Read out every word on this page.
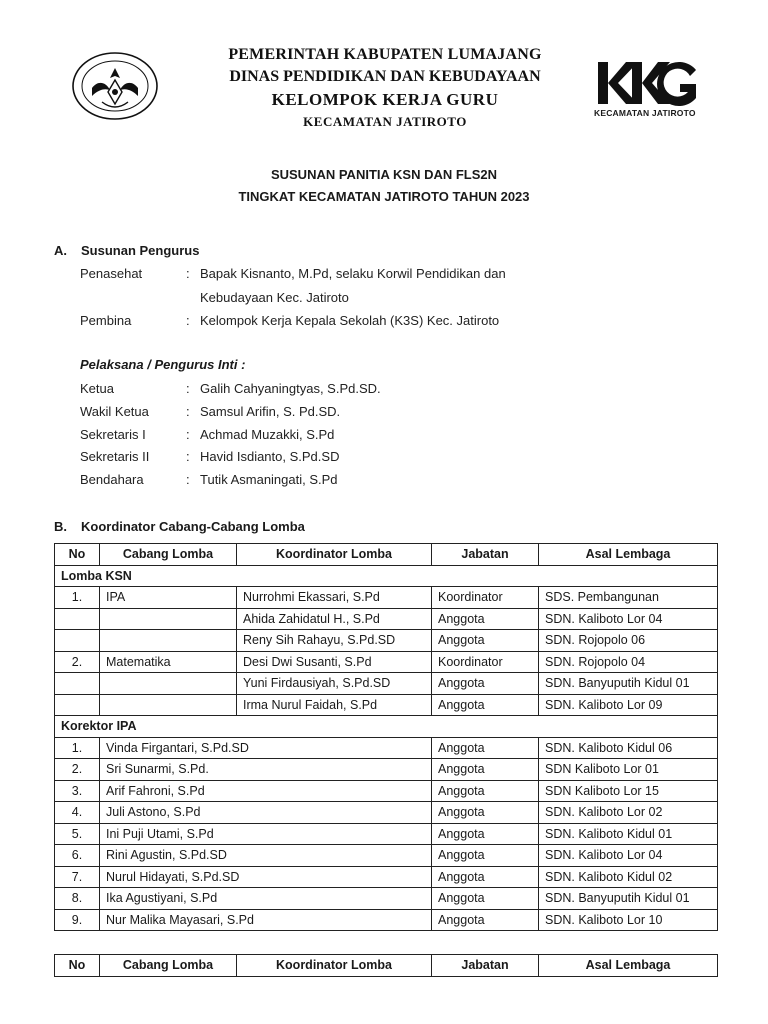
PEMERINTAH KABUPATEN LUMAJANG
DINAS PENDIDIKAN DAN KEBUDAYAAN
KELOMPOK KERJA GURU
KECAMATAN JATIROTO
KECAMATAN JATIROTO
SUSUNAN PANITIA KSN DAN FLS2N
TINGKAT KECAMATAN JATIROTO TAHUN 2023
A. Susunan Pengurus
Penasehat	: Bapak Kisnanto, M.Pd, selaku Korwil Pendidikan dan
Kebudayaan Kec. Jatiroto
Pembina	: Kelompok Kerja Kepala Sekolah (K3S) Kec. Jatiroto
Pelaksana / Pengurus Inti :
Ketua	: Galih Cahyaningtyas, S.Pd.SD.
Wakil Ketua	: Samsul Arifin, S. Pd.SD.
Sekretaris I	: Achmad Muzakki, S.Pd
Sekretaris II	: Havid Isdianto, S.Pd.SD
Bendahara	: Tutik Asmaningati, S.Pd
B. Koordinator Cabang-Cabang Lomba
No	Cabang Lomba	Koordinator Lomba	Jabatan	Asal Lembaga
Lomba KSN				
1.	IPA	Nurrohmi Ekassari, S.Pd	Koordinator	SDS. Pembangunan
		Ahida Zahidatul H., S.Pd	Anggota	SDN. Kaliboto Lor 04
		Reny Sih Rahayu, S.Pd.SD	Anggota	SDN. Rojopolo 06
2.	Matematika	Desi Dwi Susanti, S.Pd	Koordinator	SDN. Rojopolo 04
		Yuni Firdausiyah, S.Pd.SD	Anggota	SDN. Banyuputih Kidul 01
		Irma Nurul Faidah, S.Pd	Anggota	SDN. Kaliboto Lor 09
Korektor IPA				
1.	Vinda Firgantari, S.Pd.SD		Anggota	SDN. Kaliboto Kidul 06
2.	Sri Sunarmi, S.Pd.		Anggota	SDN Kaliboto Lor 01
3.	Arif Fahroni, S.Pd		Anggota	SDN Kaliboto Lor 15
4.	Juli Astono, S.Pd		Anggota	SDN. Kaliboto Lor 02
5.	Ini Puji Utami, S.Pd		Anggota	SDN. Kaliboto Kidul 01
6.	Rini Agustin, S.Pd.SD		Anggota	SDN. Kaliboto Lor 04
7.	Nurul Hidayati, S.Pd.SD		Anggota	SDN. Kaliboto Kidul 02
8.	Ika Agustiyani, S.Pd		Anggota	SDN. Banyuputih Kidul 01
9.	Nur Malika Mayasari, S.Pd		Anggota	SDN. Kaliboto Lor 10
No	Cabang Lomba	Koordinator Lomba	Jabatan	Asal Lembaga
